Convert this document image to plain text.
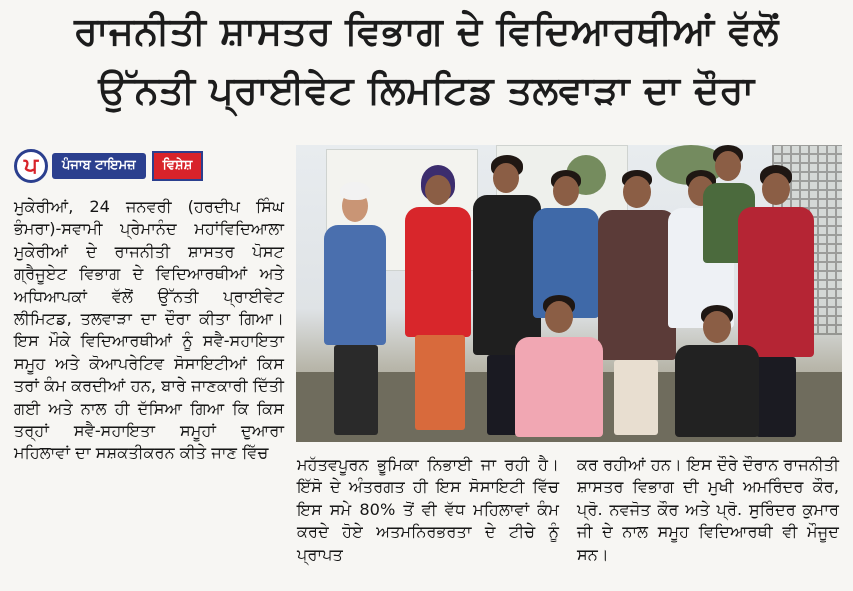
ਰਾਜਨੀਤੀ ਸ਼ਾਸਤਰ ਵਿਭਾਗ ਦੇ ਵਿਦਿਆਰਥੀਆਂ ਵੱਲੋਂ
ਉੱਨਤੀ ਪ੍ਰਾਈਵੇਟ ਲਿਮਟਿਡ ਤਲਵਾੜਾ ਦਾ ਦੌਰਾ
ਪ	ਪੰਜਾਬ ਟਾਇਮਜ਼	ਵਿਸ਼ੇਸ਼
ਮੁਕੇਰੀਆਂ, 24 ਜਨਵਰੀ (ਹਰਦੀਪ ਸਿੰਘ ਭੰਮਰਾ)-ਸਵਾਮੀ ਪ੍ਰੇਮਾਨੰਦ ਮਹਾਂਵਿਦਿਆਲਾ ਮੁਕੇਰੀਆਂ ਦੇ ਰਾਜਨੀਤੀ ਸ਼ਾਸਤਰ ਪੋਸਟ ਗ੍ਰੈਜੂਏਟ ਵਿਭਾਗ ਦੇ ਵਿਦਿਆਰਥੀਆਂ ਅਤੇ ਅਧਿਆਪਕਾਂ ਵੱਲੋਂ ਉੱਨਤੀ ਪ੍ਰਾਈਵੇਟ ਲੀਮਿਟਡ, ਤਲਵਾੜਾ ਦਾ ਦੌਰਾ ਕੀਤਾ ਗਿਆ। ਇਸ ਮੌਕੇ ਵਿਦਿਆਰਥੀਆਂ ਨੂੰ ਸਵੈ-ਸਹਾਇਤਾ ਸਮੂਹ ਅਤੇ ਕੋਆਪਰੇਟਿਵ ਸੋਸਾਇਟੀਆਂ ਕਿਸ ਤਰਾਂ ਕੰਮ ਕਰਦੀਆਂ ਹਨ, ਬਾਰੇ ਜਾਣਕਾਰੀ ਦਿੱਤੀ ਗਈ ਅਤੇ ਨਾਲ ਹੀ ਦੱਸਿਆ ਗਿਆ ਕਿ ਕਿਸ ਤਰ੍ਹਾਂ ਸਵੈ-ਸਹਾਇਤਾ ਸਮੂਹਾਂ ਦੁਆਰਾ ਮਹਿਲਾਵਾਂ ਦਾ ਸਸ਼ਕਤੀਕਰਨ ਕੀਤੇ ਜਾਣ ਵਿੱਚ
ਮਹੱਤਵਪੂਰਨ ਭੂਮਿਕਾ ਨਿਭਾਈ ਜਾ ਰਹੀ ਹੈ। ਇੱਸੋ ਦੇ ਅੰਤਰਗਤ ਹੀ ਇਸ ਸੋਸਾਇਟੀ ਵਿੱਚ ਇਸ ਸਮੇ 80% ਤੋਂ ਵੀ ਵੱਧ ਮਹਿਲਾਵਾਂ ਕੰਮ ਕਰਦੇ ਹੋਏ ਅਤਮਨਿਰਭਰਤਾ ਦੇ ਟੀਚੇ ਨੂੰ ਪ੍ਰਾਪਤ
ਕਰ ਰਹੀਆਂ ਹਨ। ਇਸ ਦੌਰੇ ਦੌਰਾਨ ਰਾਜਨੀਤੀ ਸ਼ਾਸਤਰ ਵਿਭਾਗ ਦੀ ਮੁਖੀ ਅਮਰਿੰਦਰ ਕੌਰ, ਪ੍ਰੋ. ਨਵਜੋਤ ਕੌਰ ਅਤੇ ਪ੍ਰੋ. ਸੁਰਿੰਦਰ ਕੁਮਾਰ ਜੀ ਦੇ ਨਾਲ ਸਮੂਹ ਵਿਦਿਆਰਥੀ ਵੀ ਮੌਜੂਦ ਸਨ।
